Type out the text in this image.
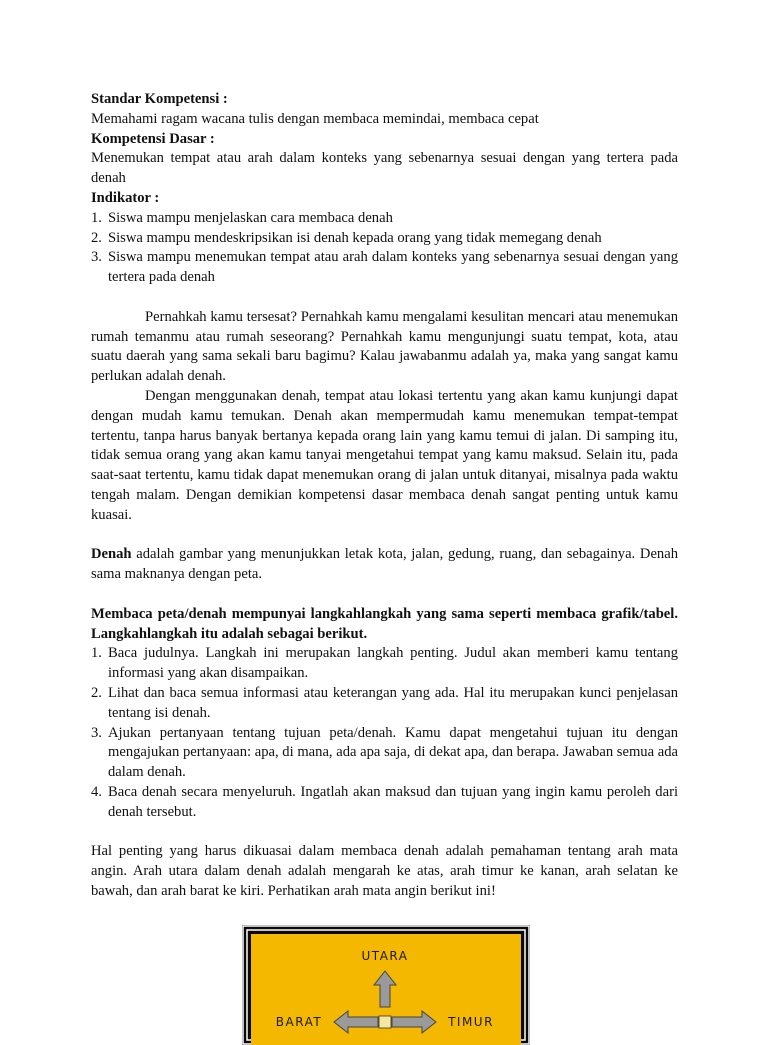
Standar Kompetensi :

Memahami ragam wacana tulis dengan membaca memindai, membaca cepat

Kompetensi Dasar :

Menemukan tempat atau arah dalam konteks yang sebenarnya sesuai dengan yang tertera pada denah

Indikator :

1. Siswa mampu menjelaskan cara membaca denah
2. Siswa mampu mendeskripsikan isi denah kepada orang yang tidak memegang denah
3. Siswa mampu menemukan tempat atau arah dalam konteks yang sebenarnya sesuai dengan yang tertera pada denah

Pernahkah kamu tersesat? Pernahkah kamu mengalami kesulitan mencari atau menemukan rumah temanmu atau rumah seseorang? Pernahkah kamu mengunjungi suatu tempat, kota, atau suatu daerah yang sama sekali baru bagimu? Kalau jawabanmu adalah ya, maka yang sangat kamu perlukan adalah denah.

Dengan menggunakan denah, tempat atau lokasi tertentu yang akan kamu kunjungi dapat dengan mudah kamu temukan. Denah akan mempermudah kamu menemukan tempat-tempat tertentu, tanpa harus banyak bertanya kepada orang lain yang kamu temui di jalan. Di samping itu, tidak semua orang yang akan kamu tanyai mengetahui tempat yang kamu maksud. Selain itu, pada saat-saat tertentu, kamu tidak dapat menemukan orang di jalan untuk ditanyai, misalnya pada waktu tengah malam. Dengan demikian kompetensi dasar membaca denah sangat penting untuk kamu kuasai.

Denah adalah gambar yang menunjukkan letak kota, jalan, gedung, ruang, dan sebagainya. Denah sama maknanya dengan peta.

Membaca peta/denah mempunyai langkahlangkah yang sama seperti membaca grafik/tabel. Langkahlangkah itu adalah sebagai berikut.

1. Baca judulnya. Langkah ini merupakan langkah penting. Judul akan memberi kamu tentang informasi yang akan disampaikan.
2. Lihat dan baca semua informasi atau keterangan yang ada. Hal itu merupakan kunci penjelasan tentang isi denah.
3. Ajukan pertanyaan tentang tujuan peta/denah. Kamu dapat mengetahui tujuan itu dengan mengajukan pertanyaan: apa, di mana, ada apa saja, di dekat apa, dan berapa. Jawaban semua ada dalam denah.
4. Baca denah secara menyeluruh. Ingatlah akan maksud dan tujuan yang ingin kamu peroleh dari denah tersebut.

Hal penting yang harus dikuasai dalam membaca denah adalah pemahaman tentang arah mata angin. Arah utara dalam denah adalah mengarah ke atas, arah timur ke kanan, arah selatan ke bawah, dan arah barat ke kiri. Perhatikan arah mata angin berikut ini!

UTARA
BARAT	TIMUR
